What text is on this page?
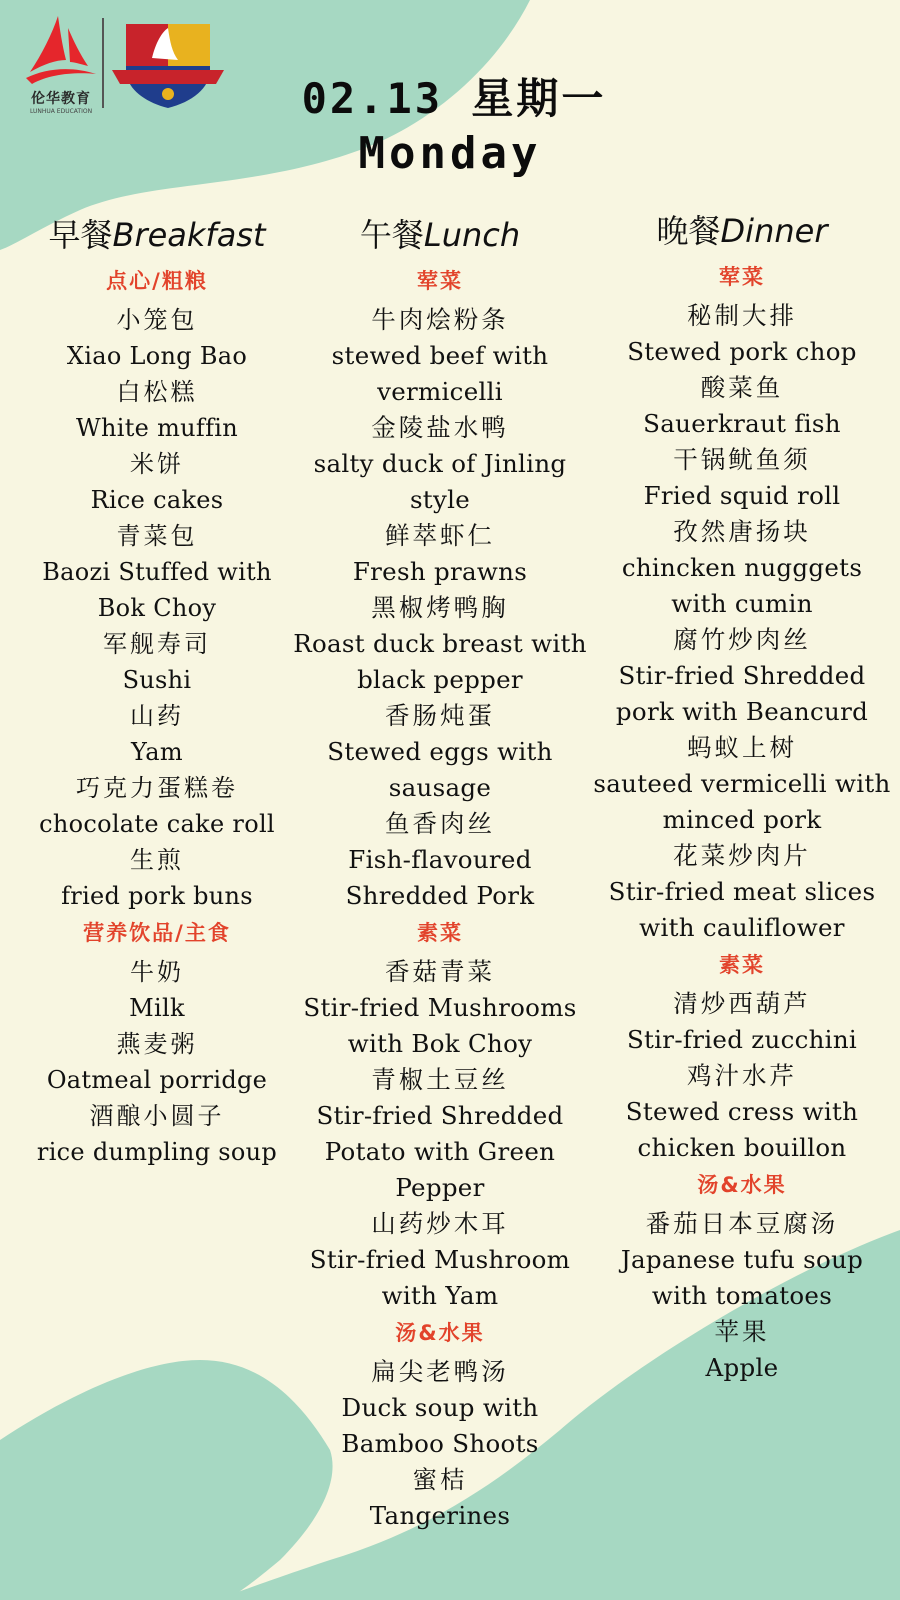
伦华教育
LUNHUA EDUCATION	02.13 星期一
Monday
早餐Breakfast
点心/粗粮
小笼包
Xiao Long Bao
白松糕
White muffin
米饼
Rice cakes
青菜包
Baozi Stuffed with Bok Choy
军舰寿司
Sushi
山药
Yam
巧克力蛋糕卷
chocolate cake roll
生煎
fried pork buns
营养饮品/主食
牛奶
Milk
燕麦粥
Oatmeal porridge
酒酿小圆子
rice dumpling soup
午餐Lunch
荤菜
牛肉烩粉条
stewed beef with vermicelli
金陵盐水鸭
salty duck of Jinling style
鲜萃虾仁
Fresh prawns
黑椒烤鸭胸
Roast duck breast with black pepper
香肠炖蛋
Stewed eggs with sausage
鱼香肉丝
Fish-flavoured Shredded Pork
素菜
香菇青菜
Stir-fried Mushrooms with Bok Choy
青椒土豆丝
Stir-fried Shredded Potato with Green Pepper
山药炒木耳
Stir-fried Mushroom with Yam
汤&水果
扁尖老鸭汤
Duck soup with Bamboo Shoots
蜜桔
Tangerines
晚餐Dinner
荤菜
秘制大排
Stewed pork chop
酸菜鱼
Sauerkraut fish
干锅鱿鱼须
Fried squid roll
孜然唐扬块
chincken nugggets with cumin
腐竹炒肉丝
Stir-fried Shredded pork with Beancurd
蚂蚁上树
sauteed vermicelli with minced pork
花菜炒肉片
Stir-fried meat slices with cauliflower
素菜
清炒西葫芦
Stir-fried zucchini
鸡汁水芹
Stewed cress with chicken bouillon
汤&水果
番茄日本豆腐汤
Japanese tufu soup with tomatoes
苹果
Apple
